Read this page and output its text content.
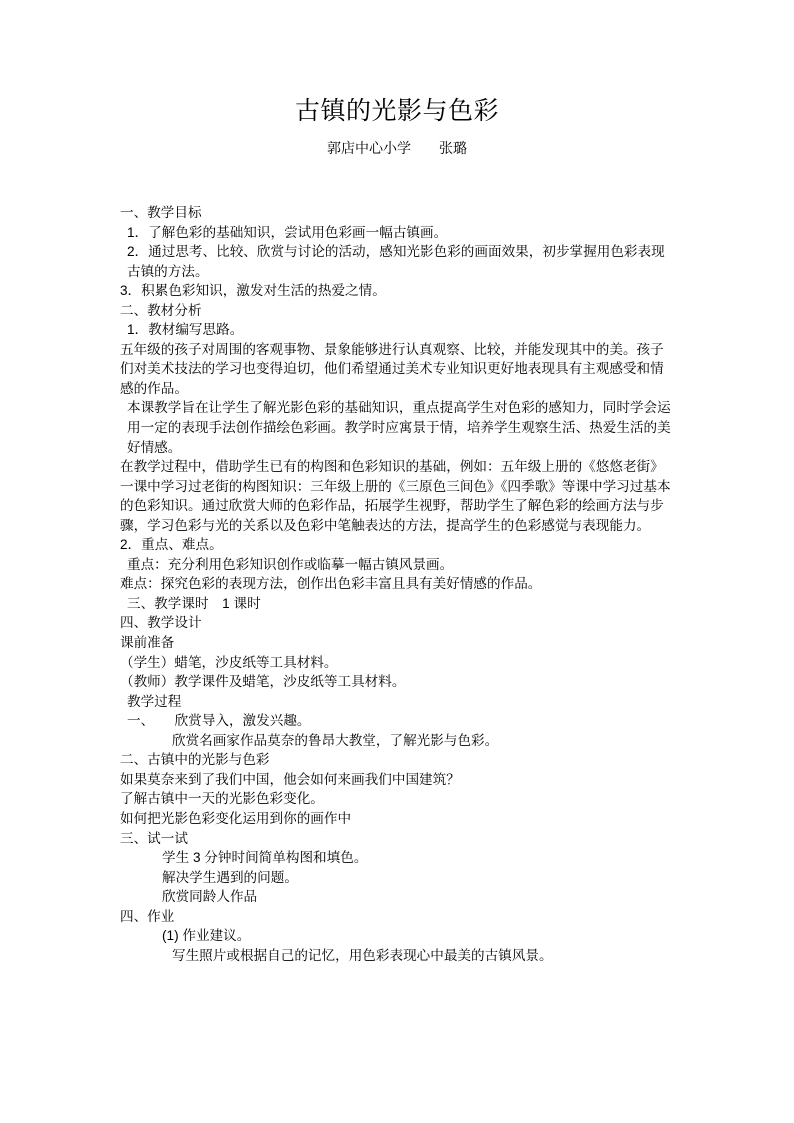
古镇的光影与色彩
郭店中心小学　　张璐
一、教学目标
1．了解色彩的基础知识，尝试用色彩画一幅古镇画。
2．通过思考、比较、欣赏与讨论的活动，感知光影色彩的画面效果，初步掌握用色彩表现古镇的方法。
3．积累色彩知识，激发对生活的热爱之情。
二、教材分析
1．教材编写思路。
五年级的孩子对周围的客观事物、景象能够进行认真观察、比较，并能发现其中的美。孩子们对美术技法的学习也变得迫切，他们希望通过美术专业知识更好地表现具有主观感受和情感的作品。
本课教学旨在让学生了解光影色彩的基础知识，重点提高学生对色彩的感知力，同时学会运用一定的表现手法创作描绘色彩画。教学时应寓景于情，培养学生观察生活、热爱生活的美好情感。
在教学过程中，借助学生已有的构图和色彩知识的基础，例如：五年级上册的《悠悠老街》一课中学习过老街的构图知识：三年级上册的《三原色三间色》《四季歌》等课中学习过基本的色彩知识。通过欣赏大师的色彩作品，拓展学生视野，帮助学生了解色彩的绘画方法与步骤，学习色彩与光的关系以及色彩中笔触表达的方法，提高学生的色彩感觉与表现能力。　2．重点、难点。
重点：充分利用色彩知识创作或临摹一幅古镇风景画。
难点：探究色彩的表现方法，创作出色彩丰富且具有美好情感的作品。
三、教学课时　1 课时
四、教学设计
课前准备
（学生）蜡笔，沙皮纸等工具材料。
（教师）教学课件及蜡笔，沙皮纸等工具材料。
教学过程
一、　　欣赏导入，激发兴趣。
欣赏名画家作品莫奈的鲁昂大教堂，了解光影与色彩。
二、古镇中的光影与色彩
如果莫奈来到了我们中国，他会如何来画我们中国建筑？
了解古镇中一天的光影色彩变化。
如何把光影色彩变化运用到你的画作中
三、试一试
学生 3 分钟时间简单构图和填色。
解决学生遇到的问题。
欣赏同龄人作品
四、作业
(1) 作业建议。
写生照片或根据自己的记忆，用色彩表现心中最美的古镇风景。
